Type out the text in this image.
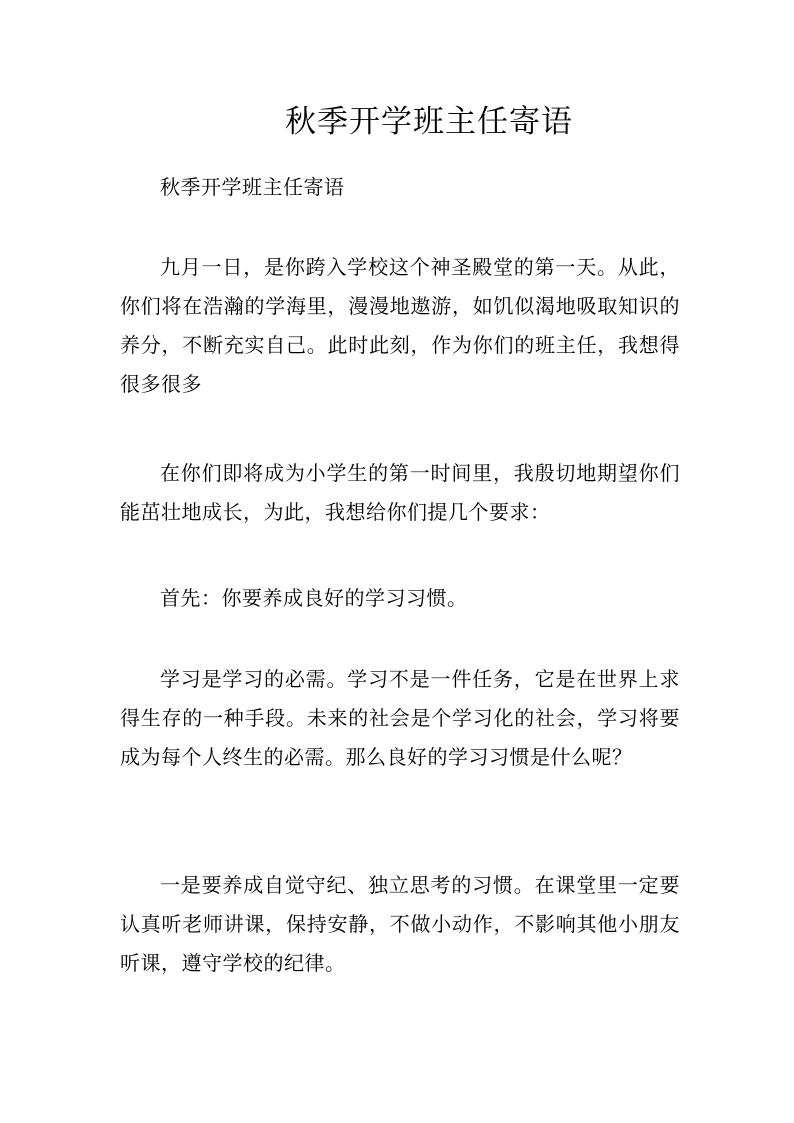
秋季开学班主任寄语

秋季开学班主任寄语

九月一日，是你跨入学校这个神圣殿堂的第一天。从此，你们将在浩瀚的学海里，漫漫地遨游，如饥似渴地吸取知识的养分，不断充实自己。此时此刻，作为你们的班主任，我想得很多很多

在你们即将成为小学生的第一时间里，我殷切地期望你们能茁壮地成长，为此，我想给你们提几个要求：

首先：你要养成良好的学习习惯。

学习是学习的必需。学习不是一件任务，它是在世界上求得生存的一种手段。未来的社会是个学习化的社会，学习将要成为每个人终生的必需。那么良好的学习习惯是什么呢？

一是要养成自觉守纪、独立思考的习惯。在课堂里一定要认真听老师讲课，保持安静，不做小动作，不影响其他小朋友听课，遵守学校的纪律。
